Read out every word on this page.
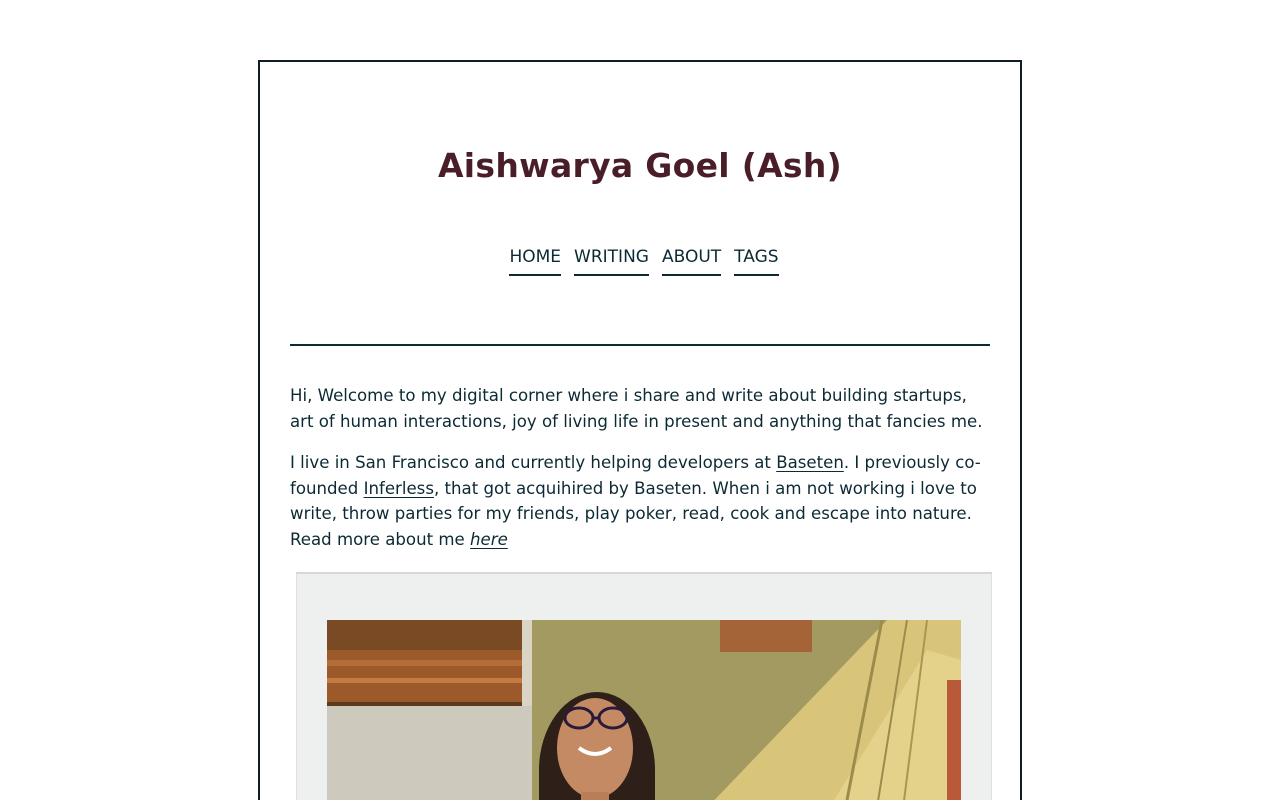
Aishwarya Goel (Ash)
HOME WRITING ABOUT TAGS

Hi, Welcome to my digital corner where i share and write about building startups, art of human interactions, joy of living life in present and anything that fancies me.

I live in San Francisco and currently helping developers at Baseten. I previously co-founded Inferless, that got acquihired by Baseten. When i am not working i love to write, throw parties for my friends, play poker, read, cook and escape into nature. Read more about me here
